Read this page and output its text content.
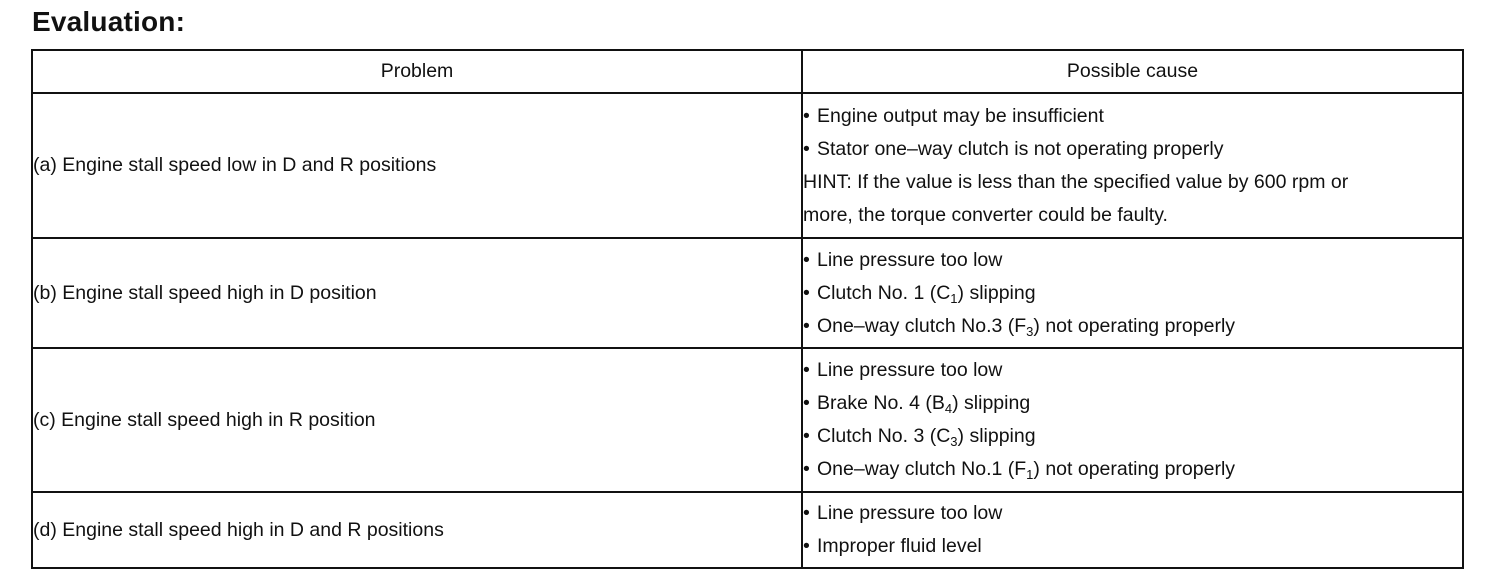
Evaluation:
Problem	Possible cause
(a) Engine stall speed low in D and R positions	• Engine output may be insufficient
• Stator one–way clutch is not operating properly
HINT: If the value is less than the specified value by 600 rpm or
more, the torque converter could be faulty.

(b) Engine stall speed high in D position	• Line pressure too low
• Clutch No. 1 $(C_1)$ slipping
• One–way clutch No.3 $(F_3)$ not operating properly

(c) Engine stall speed high in R position	• Line pressure too low
• Brake No. 4 $(B_4)$ slipping
• Clutch No. 3 $(C_3)$ slipping
• One–way clutch No.1 $(F_1)$ not operating properly

(d) Engine stall speed high in D and R positions	• Line pressure too low
• Improper fluid level
